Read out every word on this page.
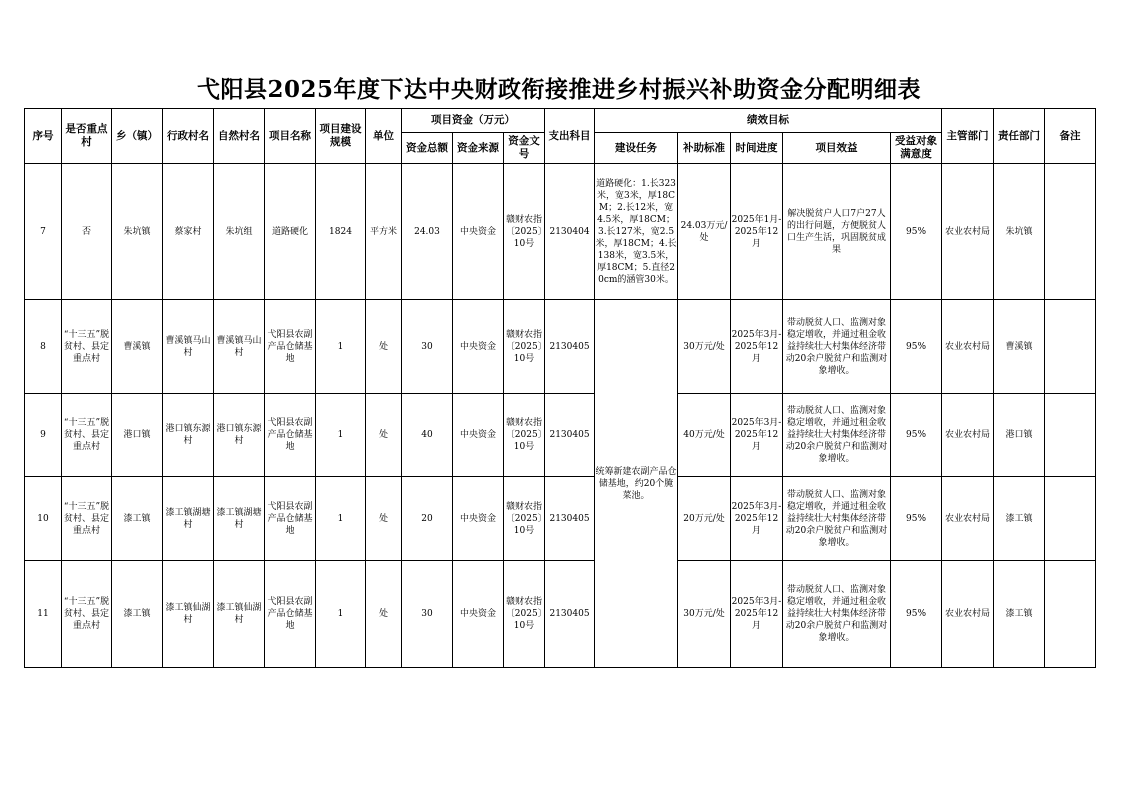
弋阳县2025年度下达中央财政衔接推进乡村振兴补助资金分配明细表
序号	是否重点村	乡（镇）	行政村名	自然村名	项目名称	项目建设规模	单位	项目资金（万元）			支出科目	绩效目标					主管部门	责任部门	备注
								资金总额	资金来源	资金文号		建设任务	补助标准	时间进度	项目效益	受益对象满意度			
7	否	朱坑镇	蔡家村	朱坑组	道路硬化	1824	平方米	24.03	中央资金	赣财农指〔2025〕10号	2130404	道路硬化：1.长323米，宽3米，厚18CM；2.长12米，宽4.5米，厚18CM；3.长127米，宽2.5米，厚18CM；4.长138米，宽3.5米，厚18CM；5.直径20cm的涵管30米。	24.03万元/处	2025年1月-2025年12月	解决脱贫户人口7户27人的出行问题，方便脱贫人口生产生活，巩固脱贫成果	95%	农业农村局	朱坑镇	
8	“十三五”脱贫村、县定重点村	曹溪镇	曹溪镇马山村	曹溪镇马山村	弋阳县农副产品仓储基地	1	处	30	中央资金	赣财农指〔2025〕10号	2130405	统筹新建农副产品仓储基地，约20个腌菜池。	30万元/处	2025年3月-2025年12月	带动脱贫人口、监测对象稳定增收，并通过租金收益持续壮大村集体经济带动20余户脱贫户和监测对象增收。	95%	农业农村局	曹溪镇	
9	“十三五”脱贫村、县定重点村	港口镇	港口镇东源村	港口镇东源村	弋阳县农副产品仓储基地	1	处	40	中央资金	赣财农指〔2025〕10号	2130405		40万元/处	2025年3月-2025年12月	带动脱贫人口、监测对象稳定增收，并通过租金收益持续壮大村集体经济带动20余户脱贫户和监测对象增收。	95%	农业农村局	港口镇	
10	“十三五”脱贫村、县定重点村	漆工镇	漆工镇湖塘村	漆工镇湖塘村	弋阳县农副产品仓储基地	1	处	20	中央资金	赣财农指〔2025〕10号	2130405		20万元/处	2025年3月-2025年12月	带动脱贫人口、监测对象稳定增收，并通过租金收益持续壮大村集体经济带动20余户脱贫户和监测对象增收。	95%	农业农村局	漆工镇	
11	“十三五”脱贫村、县定重点村	漆工镇	漆工镇仙湖村	漆工镇仙湖村	弋阳县农副产品仓储基地	1	处	30	中央资金	赣财农指〔2025〕10号	2130405		30万元/处	2025年3月-2025年12月	带动脱贫人口、监测对象稳定增收，并通过租金收益持续壮大村集体经济带动20余户脱贫户和监测对象增收。	95%	农业农村局	漆工镇	
